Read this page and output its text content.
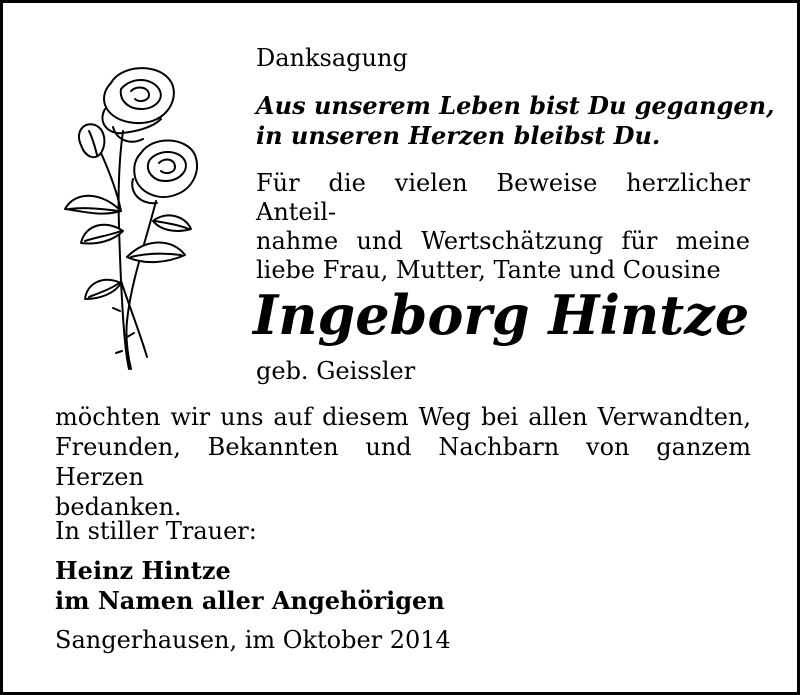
Danksagung

Aus unserem Leben bist Du gegangen,
in unseren Herzen bleibst Du.

Für die vielen Beweise herzlicher Anteil-
nahme und Wertschätzung für meine
liebe Frau, Mutter, Tante und Cousine

Ingeborg Hintze

geb. Geissler

möchten wir uns auf diesem Weg bei allen Verwandten,
Freunden, Bekannten und Nachbarn von ganzem Herzen
bedanken.

In stiller Trauer:

Heinz Hintze
im Namen aller Angehörigen

Sangerhausen, im Oktober 2014
